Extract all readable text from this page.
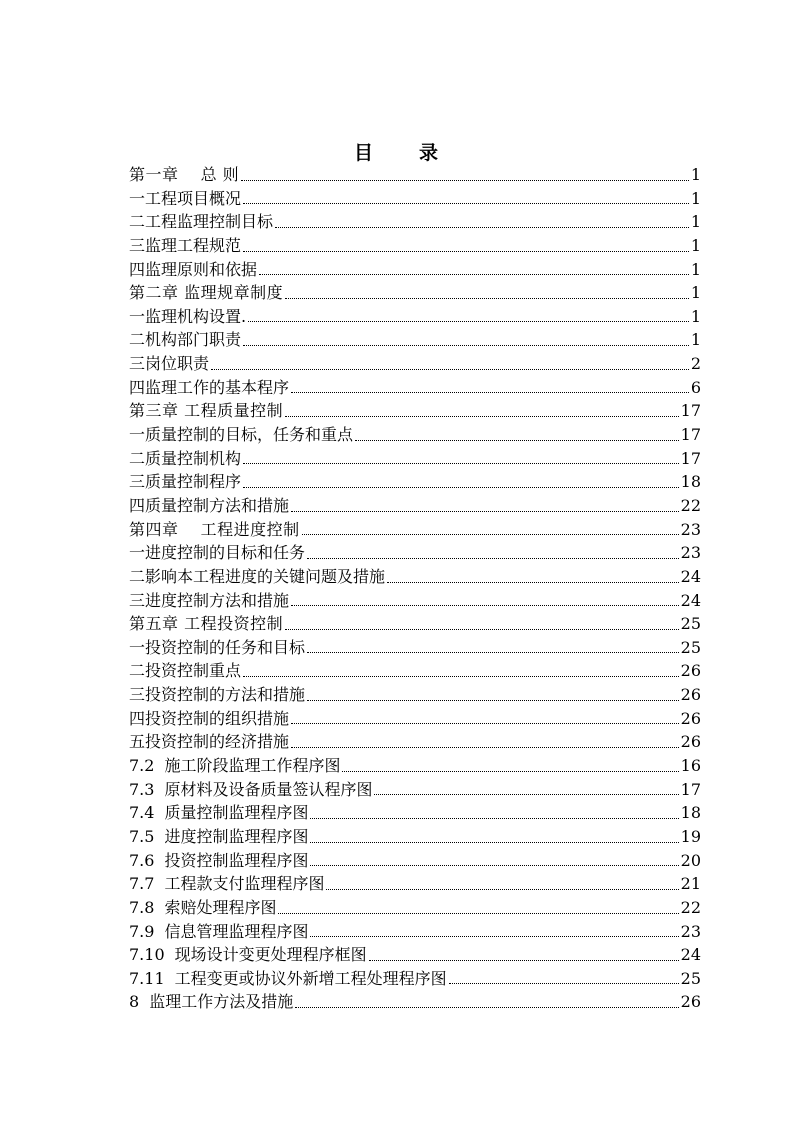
目 录
第一章　 总 则	1
一工程项目概况	1
二工程监理控制目标	1
三监理工程规范	1
四监理原则和依据	1
第二章 监理规章制度	1
一监理机构设置.	1
二机构部门职责	1
三岗位职责	2
四监理工作的基本程序	6
第三章 工程质量控制	17
一质量控制的目标，任务和重点	17
二质量控制机构	17
三质量控制程序	18
四质量控制方法和措施	22
第四章　 工程进度控制	23
一进度控制的目标和任务	23
二影响本工程进度的关键问题及措施	24
三进度控制方法和措施	24
第五章 工程投资控制	25
一投资控制的任务和目标	25
二投资控制重点	26
三投资控制的方法和措施	26
四投资控制的组织措施	26
五投资控制的经济措施	26
7.2 施工阶段监理工作程序图	16
7.3 原材料及设备质量签认程序图	17
7.4 质量控制监理程序图	18
7.5 进度控制监理程序图	19
7.6 投资控制监理程序图	20
7.7 工程款支付监理程序图	21
7.8 索赔处理程序图	22
7.9 信息管理监理程序图	23
7.10 现场设计变更处理程序框图	24
7.11 工程变更或协议外新增工程处理程序图	25
8 监理工作方法及措施	26
